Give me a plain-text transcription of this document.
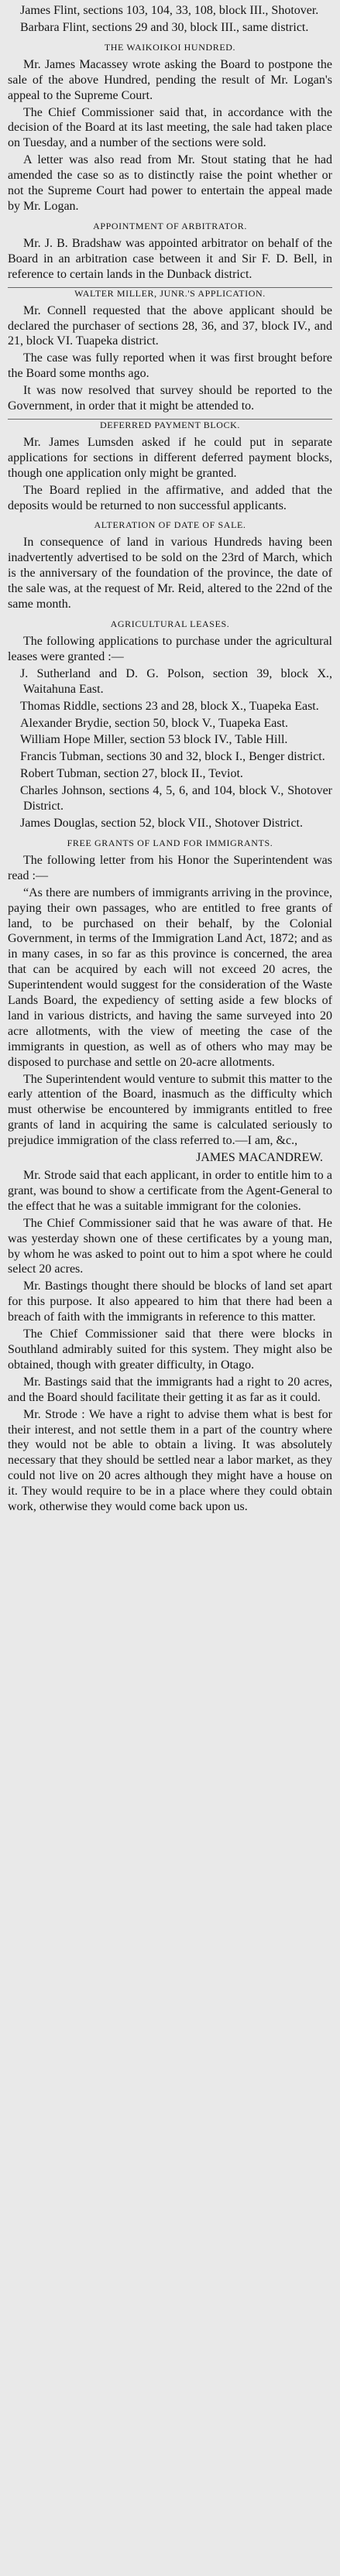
James Flint, sections 103, 104, 33, 108, block III., Shotover.

Barbara Flint, sections 29 and 30, block III., same district.

THE WAIKOIKOI HUNDRED.

Mr. James Macassey wrote asking the Board to postpone the sale of the above Hundred, pending the result of Mr. Logan's appeal to the Supreme Court.

The Chief Commissioner said that, in accordance with the decision of the Board at its last meeting, the sale had taken place on Tuesday, and a number of the sections were sold.

A letter was also read from Mr. Stout stating that he had amended the case so as to distinctly raise the point whether or not the Supreme Court had power to entertain the appeal made by Mr. Logan.

APPOINTMENT OF ARBITRATOR.

Mr. J. B. Bradshaw was appointed arbitrator on behalf of the Board in an arbitration case between it and Sir F. D. Bell, in reference to certain lands in the Dunback district.

WALTER MILLER, JUNR.'S APPLICATION.

Mr. Connell requested that the above applicant should be declared the purchaser of sections 28, 36, and 37, block IV., and 21, block VI. Tuapeka district.

The case was fully reported when it was first brought before the Board some months ago.

It was now resolved that survey should be reported to the Government, in order that it might be attended to.

DEFERRED PAYMENT BLOCK.

Mr. James Lumsden asked if he could put in separate applications for sections in different deferred payment blocks, though one application only might be granted.

The Board replied in the affirmative, and added that the deposits would be returned to non successful applicants.

ALTERATION OF DATE OF SALE.

In consequence of land in various Hundreds having been inadvertently advertised to be sold on the 23rd of March, which is the anniversary of the foundation of the province, the date of the sale was, at the request of Mr. Reid, altered to the 22nd of the same month.

AGRICULTURAL LEASES.

The following applications to purchase under the agricultural leases were granted :—

J. Sutherland and D. G. Polson, section 39, block X., Waitahuna East.

Thomas Riddle, sections 23 and 28, block X., Tuapeka East.

Alexander Brydie, section 50, block V., Tuapeka East.

William Hope Miller, section 53 block IV., Table Hill.

Francis Tubman, sections 30 and 32, block I., Benger district.

Robert Tubman, section 27, block II., Teviot.

Charles Johnson, sections 4, 5, 6, and 104, block V., Shotover District.

James Douglas, section 52, block VII., Shotover District.

FREE GRANTS OF LAND FOR IMMIGRANTS.

The following letter from his Honor the Superintendent was read :—

“As there are numbers of immigrants arriving in the province, paying their own passages, who are entitled to free grants of land, to be purchased on their behalf, by the Colonial Government, in terms of the Immigration Land Act, 1872; and as in many cases, in so far as this province is concerned, the area that can be acquired by each will not exceed 20 acres, the Superintendent would suggest for the consideration of the Waste Lands Board, the expediency of setting aside a few blocks of land in various districts, and having the same surveyed into 20 acre allotments, with the view of meeting the case of the immigrants in question, as well as of others who may may be disposed to purchase and settle on 20-acre allotments.

The Superintendent would venture to submit this matter to the early attention of the Board, inasmuch as the difficulty which must otherwise be encountered by immigrants entitled to free grants of land in acquiring the same is calculated seriously to prejudice immigration of the class referred to.—I am, &c.,

JAMES MACANDREW.

Mr. Strode said that each applicant, in order to entitle him to a grant, was bound to show a certificate from the Agent-General to the effect that he was a suitable immigrant for the colonies.

The Chief Commissioner said that he was aware of that. He was yesterday shown one of these certificates by a young man, by whom he was asked to point out to him a spot where he could select 20 acres.

Mr. Bastings thought there should be blocks of land set apart for this purpose. It also appeared to him that there had been a breach of faith with the immigrants in reference to this matter.

The Chief Commissioner said that there were blocks in Southland admirably suited for this system. They might also be obtained, though with greater difficulty, in Otago.

Mr. Bastings said that the immigrants had a right to 20 acres, and the Board should facilitate their getting it as far as it could.

Mr. Strode : We have a right to advise them what is best for their interest, and not settle them in a part of the country where they would not be able to obtain a living. It was absolutely necessary that they should be settled near a labor market, as they could not live on 20 acres although they might have a house on it. They would require to be in a place where they could obtain work, otherwise they would come back upon us.
